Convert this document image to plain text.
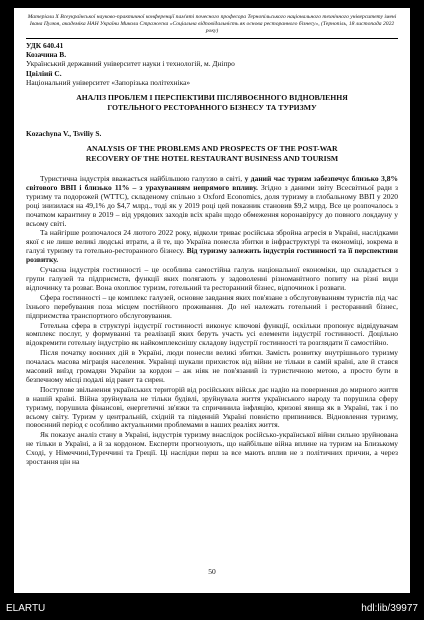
Матеріали X Всеукраїнської науково-практичної конференції пам'яті почесного професора Тернопільського національного технічного університету імені Івана Пулюя, академіка НАН України Миколи Стражеска «Соціальна відповідальність як основа ресторанного бізнесу», (Тернопіль, 18 листопада 2022 року)
УДК 640.41
Козачина В.
Український державний університет науки і технологій, м. Дніпро
Цвіліий С.
Національний університет «Запорізька політехніка»
АНАЛІЗ ПРОБЛЕМ І ПЕРСПЕКТИВИ ПІСЛЯВОЄННОГО ВІДНОВЛЕННЯ
ГОТЕЛЬНОГО РЕСТОРАННОГО БІЗНЕСУ ТА ТУРИЗМУ
Kozachyna V., Tsviliy S.
ANALYSIS OF THE PROBLEMS AND PROSPECTS OF THE POST-WAR
RECOVERY OF THE HOTEL RESTAURANT BUSINESS AND TOURISM

Туристична індустрія вважається найбільшою галуззю в світі, у даний час туризм забезпечує близько 3,8% світового ВВП і близько 11% – з урахуванням непрямого впливу. Згідно з даними звіту Всесвітньої ради з туризму та подорожей (WTTC), складеному спільно з Oxford Economics, доля туризму в глобальному ВВП у 2020 році знизилася на 49,1% до $4,7 млрд., тоді як у 2019 році цей показник становив $9,2 млрд. Все це розпочалось з початком карантину в 2019 – від урядових заходів всіх країн щодо обмеження коронавірусу до повного локдауну у всьому світі.

Та найгірше розпочалося 24 лютого 2022 року, відколи триває російська збройна агресія в Україні, наслідками якої є не лише великі людські втрати, а й те, що Україна понесла збитки в інфраструктурі та економіці, зокрема в галузі туризму та готельно-ресторанного бізнесу. Від туризму залежить індустрія гостинності та її перспективи розвитку.

Сучасна індустрія гостинності – це особлива самостійна галузь національної економіки, що складається з групи галузей та підприємств, функції яких полягають у задоволенні різноманітного попиту на різні види відпочинку та розваг. Вона охоплює туризм, готельний та ресторанний бізнес, відпочинок і розваги.

Сфера гостинності – це комплекс галузей, основне завдання яких пов'язане з обслуговуванням туристів під час їхнього перебування поза місцем постійного проживання. До неї належать готельний і ресторанний бізнес, підприємства транспортного обслуговування.

Готельна сфера в структурі індустрії гостинності виконує ключові функції, оскільки пропонує відвідувачам комплекс послуг, у формуванні та реалізації яких беруть участь усі елементи індустрії гостинності. Доцільно відокремити готельну індустрію як найкомплекснішу складову індустрії гостинності та розглядати її самостійно.

Після початку воєнних дій в Україні, люди понесли великі збитки. Замість розвитку внутрішнього туризму почалась масова міграція населення. Українці шукали прихисток від війни не тільки в самій країні, але й стався масовий виїзд громадян України за кордон – аж ніяк не пов'язаний із туристичною метою, а просто бути в безпечному місці подалі від ракет та сирен.

Поступове звільнення українських територій від російських військ дає надію на повернення до мирного життя в нашій країні. Війна зруйнувала не тільки будівлі, зруйнувала життя українського народу та порушила сферу туризму, порушила фінансові, енергетичні зв'язки та спричинила інфляцію, кризові явища як в Україні, так і по всьому світу. Туризм у центральній, східній та південній Україні повністю припинився. Відновлення туризму, повоєнний період є особливо актуальними проблемами в наших реаліях життя.

Як показує аналіз стану в Україні, індустрія туризму внаслідок російсько-української війни сильно зруйнована не тільки в Україні, а й за кордоном. Експерти прогнозують, що найбільше війна вплине на туризм на Близькому Сході, у Німеччині,Туреччині та Греції. Ці наслідки перш за все мають вплив не з політичних причин, а через зростання цін на

50
ELARTU	hdl:lib/39977
